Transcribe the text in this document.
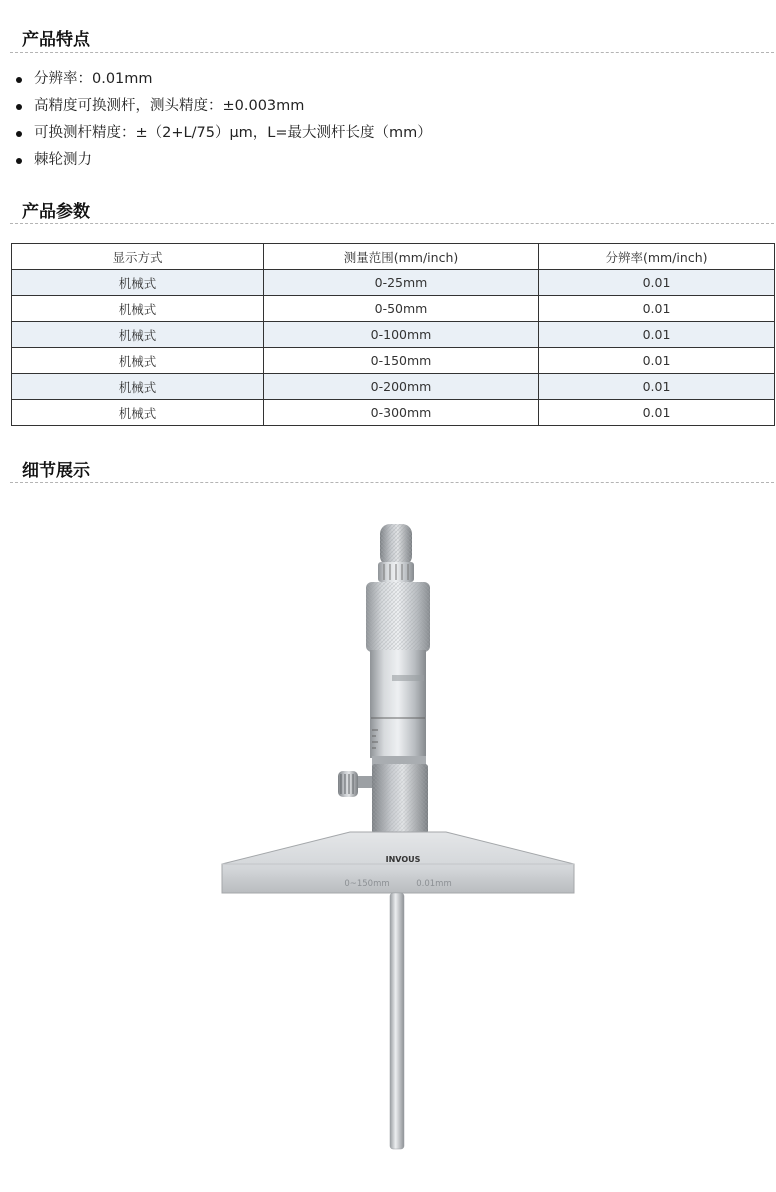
产品特点
分辨率：0.01mm
高精度可换测杆，测头精度：±0.003mm
可换测杆精度：±（2+L/75）μm，L=最大测杆长度（mm）
棘轮测力
产品参数
显示方式	测量范围(mm/inch)	分辨率(mm/inch)
机械式	0-25mm	0.01
机械式	0-50mm	0.01
机械式	0-100mm	0.01
机械式	0-150mm	0.01
机械式	0-200mm	0.01
机械式	0-300mm	0.01
细节展示
INVOUS
0~150mm	0.01mm
